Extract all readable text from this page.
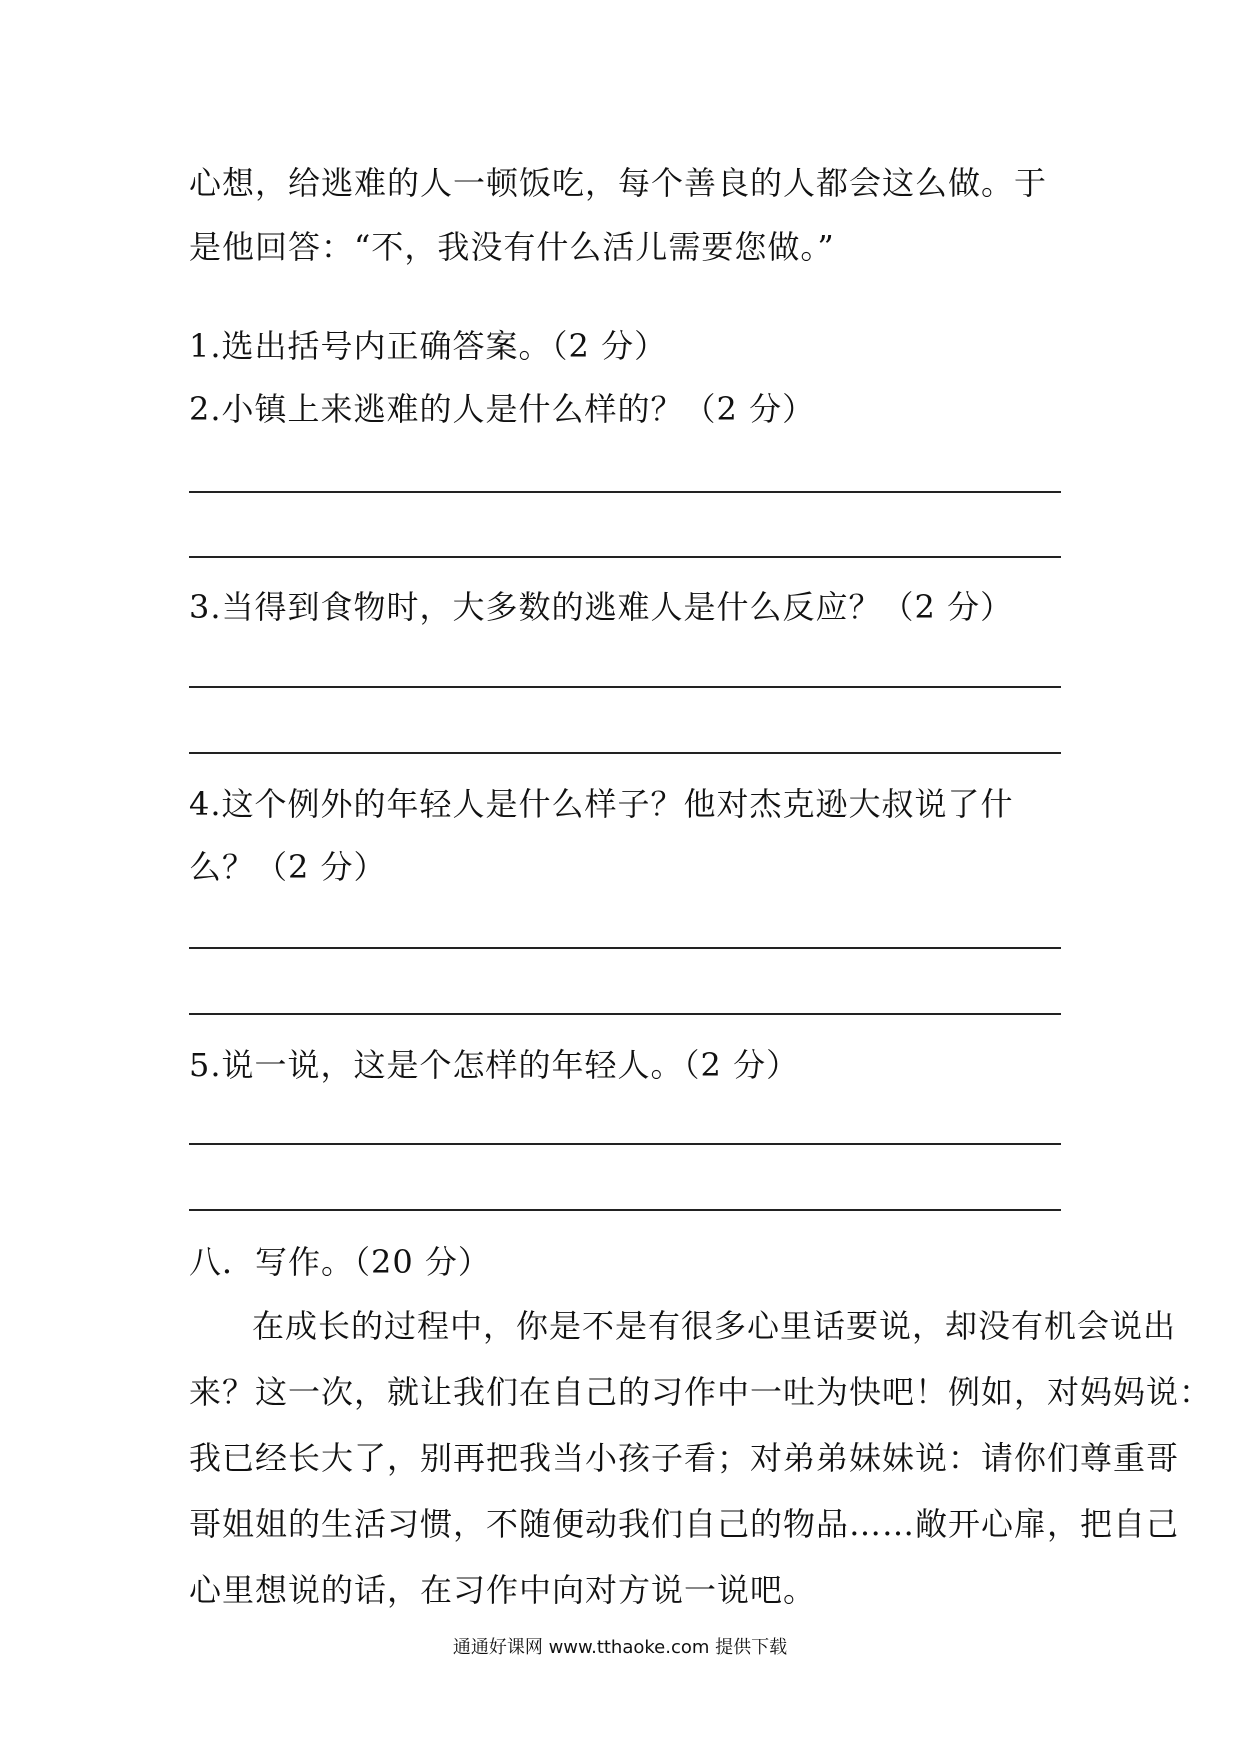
心想，给逃难的人一顿饭吃，每个善良的人都会这么做。于
是他回答：“不，我没有什么活儿需要您做。”
1.选出括号内正确答案。（2 分）
2.小镇上来逃难的人是什么样的？（2 分）
3.当得到食物时，大多数的逃难人是什么反应？（2 分）
4.这个例外的年轻人是什么样子？他对杰克逊大叔说了什
么？（2 分）
5.说一说，这是个怎样的年轻人。（2 分）
八．写作。（20 分）
在成长的过程中，你是不是有很多心里话要说，却没有机会说出
来？这一次，就让我们在自己的习作中一吐为快吧！例如，对妈妈说：
我已经长大了，别再把我当小孩子看；对弟弟妹妹说：请你们尊重哥
哥姐姐的生活习惯，不随便动我们自己的物品……敞开心扉，把自己
心里想说的话，在习作中向对方说一说吧。
通通好课网 www.tthaoke.com 提供下载
